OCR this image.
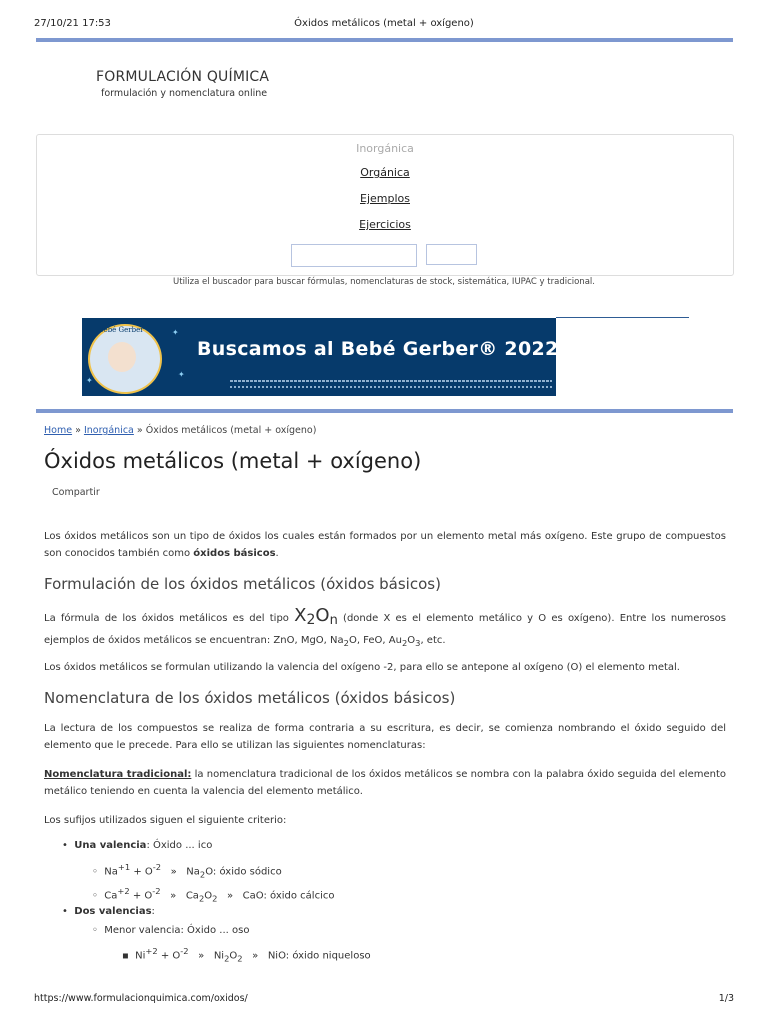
27/10/21 17:53	Óxidos metálicos (metal + oxígeno)
FORMULACIÓN QUÍMICA
formulación y nomenclatura online
Inorgánica
Orgánica
Ejemplos
Ejercicios
Utiliza el buscador para buscar fórmulas, nomenclaturas de stock, sistemática, IUPAC y tradicional.
Bebé Gerber	✦
✦
✦
Buscamos al Bebé Gerber® 2022 ¡Po
Home » Inorgánica » Óxidos metálicos (metal + oxígeno)
Óxidos metálicos (metal + oxígeno)
Compartir

Los óxidos metálicos son un tipo de óxidos los cuales están formados por un elemento metal más oxígeno. Este grupo de compuestos son conocidos también como óxidos básicos.

Formulación de los óxidos metálicos (óxidos básicos)

La fórmula de los óxidos metálicos es del tipo $X_2O_n$ (donde X es el elemento metálico y O es oxígeno). Entre los numerosos ejemplos de óxidos metálicos se encuentran: ZnO, MgO, $Na_2O$, FeO, $Au_2O_3$, etc.

Los óxidos metálicos se formulan utilizando la valencia del oxígeno -2, para ello se antepone al oxígeno (O) el elemento metal.

Nomenclatura de los óxidos metálicos (óxidos básicos)

La lectura de los compuestos se realiza de forma contraria a su escritura, es decir, se comienza nombrando el óxido seguido del elemento que le precede. Para ello se utilizan las siguientes nomenclaturas:

Nomenclatura tradicional: la nomenclatura tradicional de los óxidos metálicos se nombra con la palabra óxido seguida del elemento metálico teniendo en cuenta la valencia del elemento metálico.

Los sufijos utilizados siguen el siguiente criterio:

• Una valencia: Óxido ... ico
◦ $Na^{+1} + O^{-2}$ » $Na_2O$: óxido sódico
◦ $Ca^{+2} + O^{-2}$ » $Ca_2O_2$ » CaO: óxido cálcico
• Dos valencias:
◦ Menor valencia: Óxido ... oso
▪ $Ni^{+2} + O^{-2}$ » $Ni_2O_2$ » NiO: óxido niqueloso
https://www.formulacionquimica.com/oxidos/	1/3
